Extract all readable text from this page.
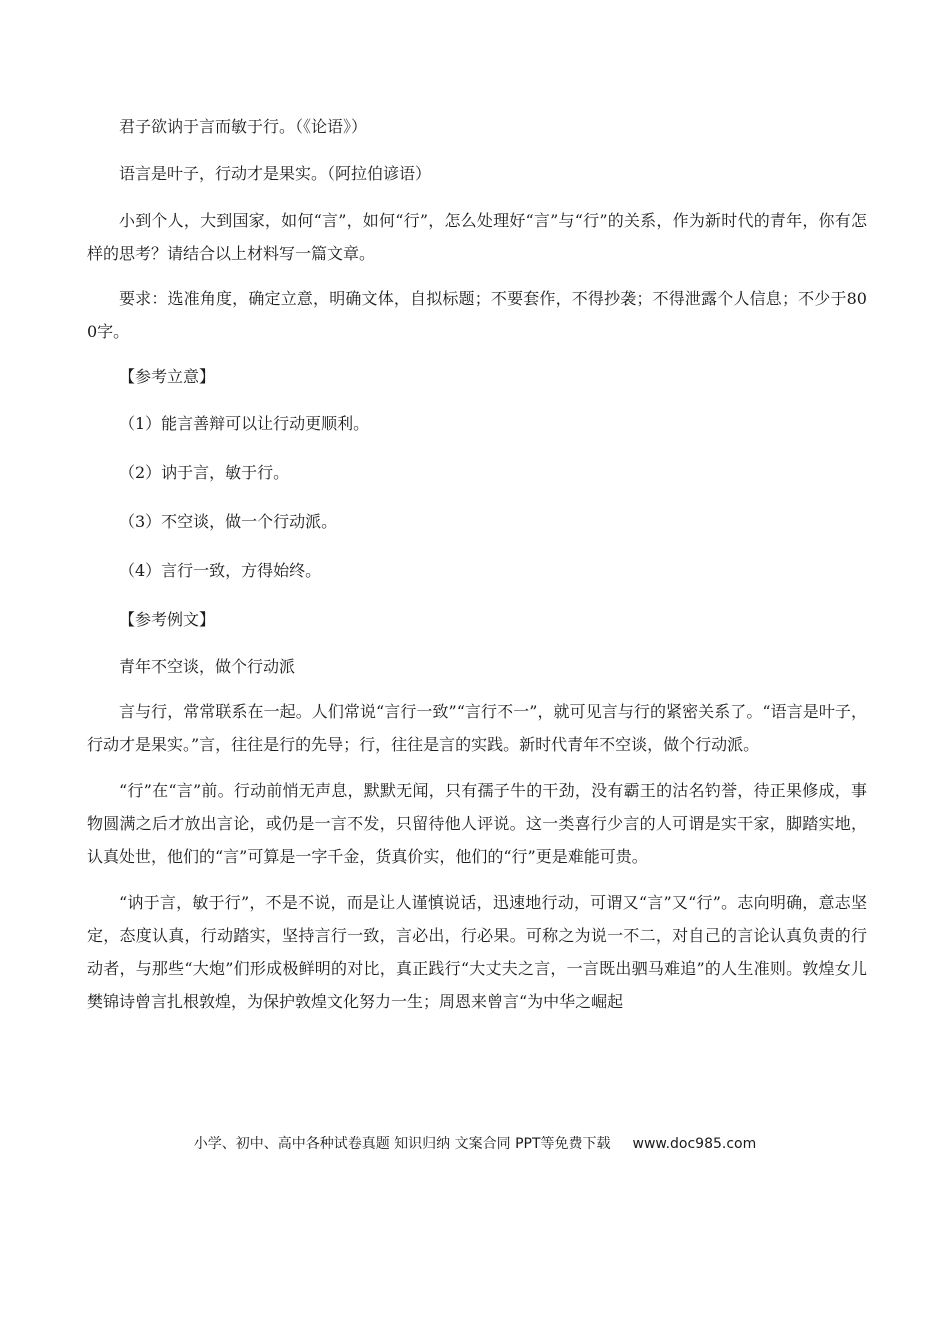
君子欲讷于言而敏于行。（《论语》）

语言是叶子，行动才是果实。（阿拉伯谚语）

小到个人，大到国家，如何“言”，如何“行”，怎么处理好“言”与“行”的关系，作为新时代的青年，你有怎样的思考？请结合以上材料写一篇文章。

要求：选准角度，确定立意，明确文体，自拟标题；不要套作，不得抄袭；不得泄露个人信息；不少于800字。

【参考立意】
（1）能言善辩可以让行动更顺利。
（2）讷于言，敏于行。
（3）不空谈，做一个行动派。
（4）言行一致，方得始终。
【参考例文】
青年不空谈，做个行动派

言与行，常常联系在一起。人们常说“言行一致”“言行不一”，就可见言与行的紧密关系了。“语言是叶子，行动才是果实。”言，往往是行的先导；行，往往是言的实践。新时代青年不空谈，做个行动派。

“行”在“言”前。行动前悄无声息，默默无闻，只有孺子牛的干劲，没有霸王的沽名钓誉，待正果修成，事物圆满之后才放出言论，或仍是一言不发，只留待他人评说。这一类喜行少言的人可谓是实干家，脚踏实地，认真处世，他们的“言”可算是一字千金，货真价实，他们的“行”更是难能可贵。

“讷于言，敏于行”，不是不说，而是让人谨慎说话，迅速地行动，可谓又“言”又“行”。志向明确，意志坚定，态度认真，行动踏实，坚持言行一致，言必出，行必果。可称之为说一不二，对自己的言论认真负责的行动者，与那些“大炮”们形成极鲜明的对比，真正践行“大丈夫之言，一言既出驷马难追”的人生准则。敦煌女儿樊锦诗曾言扎根敦煌，为保护敦煌文化努力一生；周恩来曾言“为中华之崛起

小学、初中、高中各种试卷真题 知识归纳 文案合同 PPT等免费下载 www.doc985.com
